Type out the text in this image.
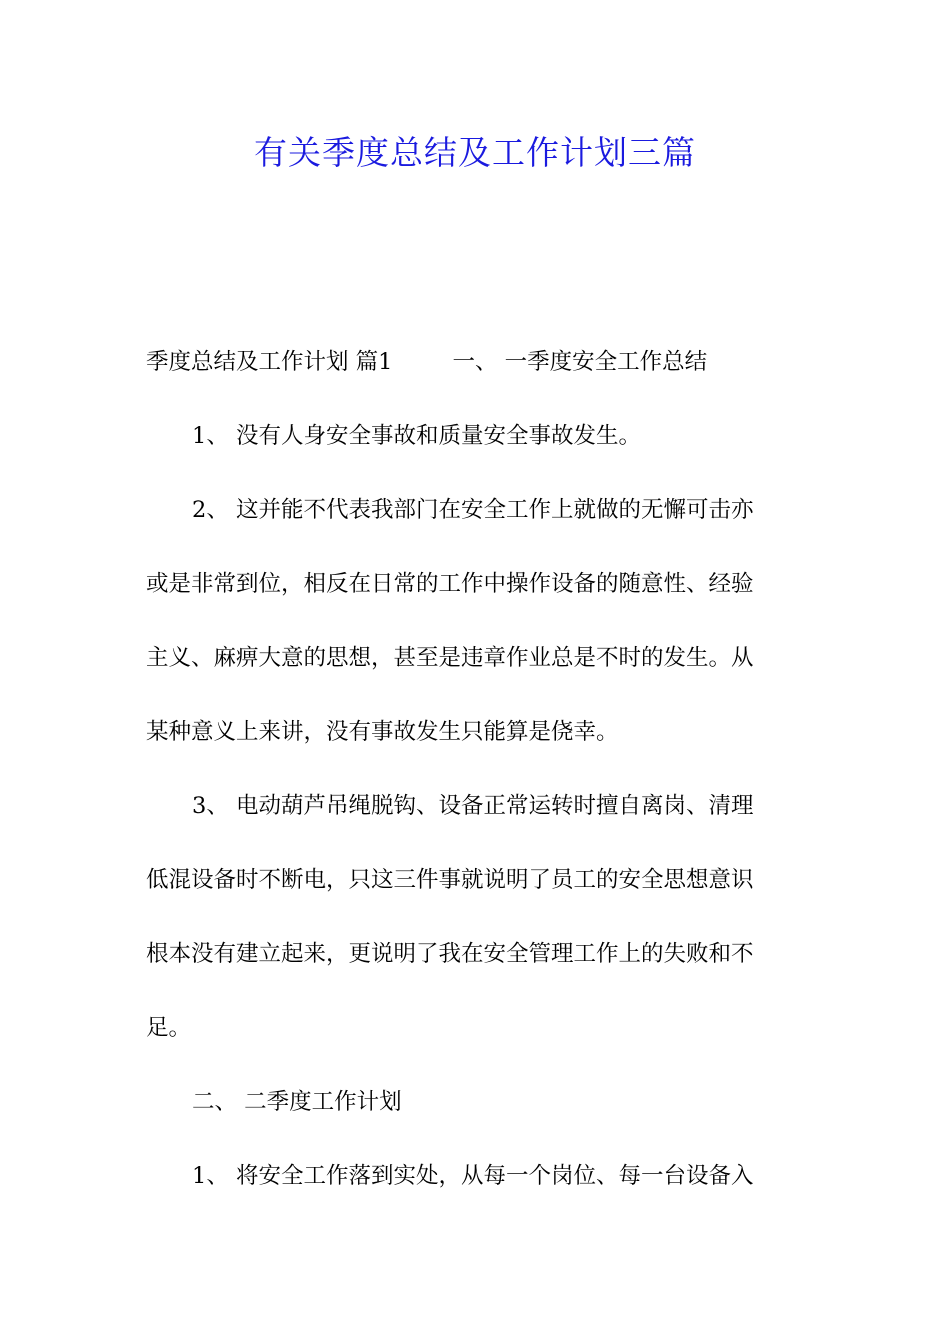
有关季度总结及工作计划三篇
季度总结及工作计划 篇1	一、 一季度安全工作总结
1、 没有人身安全事故和质量安全事故发生。
2、 这并能不代表我部门在安全工作上就做的无懈可击亦
或是非常到位，相反在日常的工作中操作设备的随意性、经验
主义、麻痹大意的思想，甚至是违章作业总是不时的发生。从
某种意义上来讲，没有事故发生只能算是侥幸。
3、 电动葫芦吊绳脱钩、设备正常运转时擅自离岗、清理
低混设备时不断电，只这三件事就说明了员工的安全思想意识
根本没有建立起来，更说明了我在安全管理工作上的失败和不
足。
二、 二季度工作计划
1、 将安全工作落到实处，从每一个岗位、每一台设备入
